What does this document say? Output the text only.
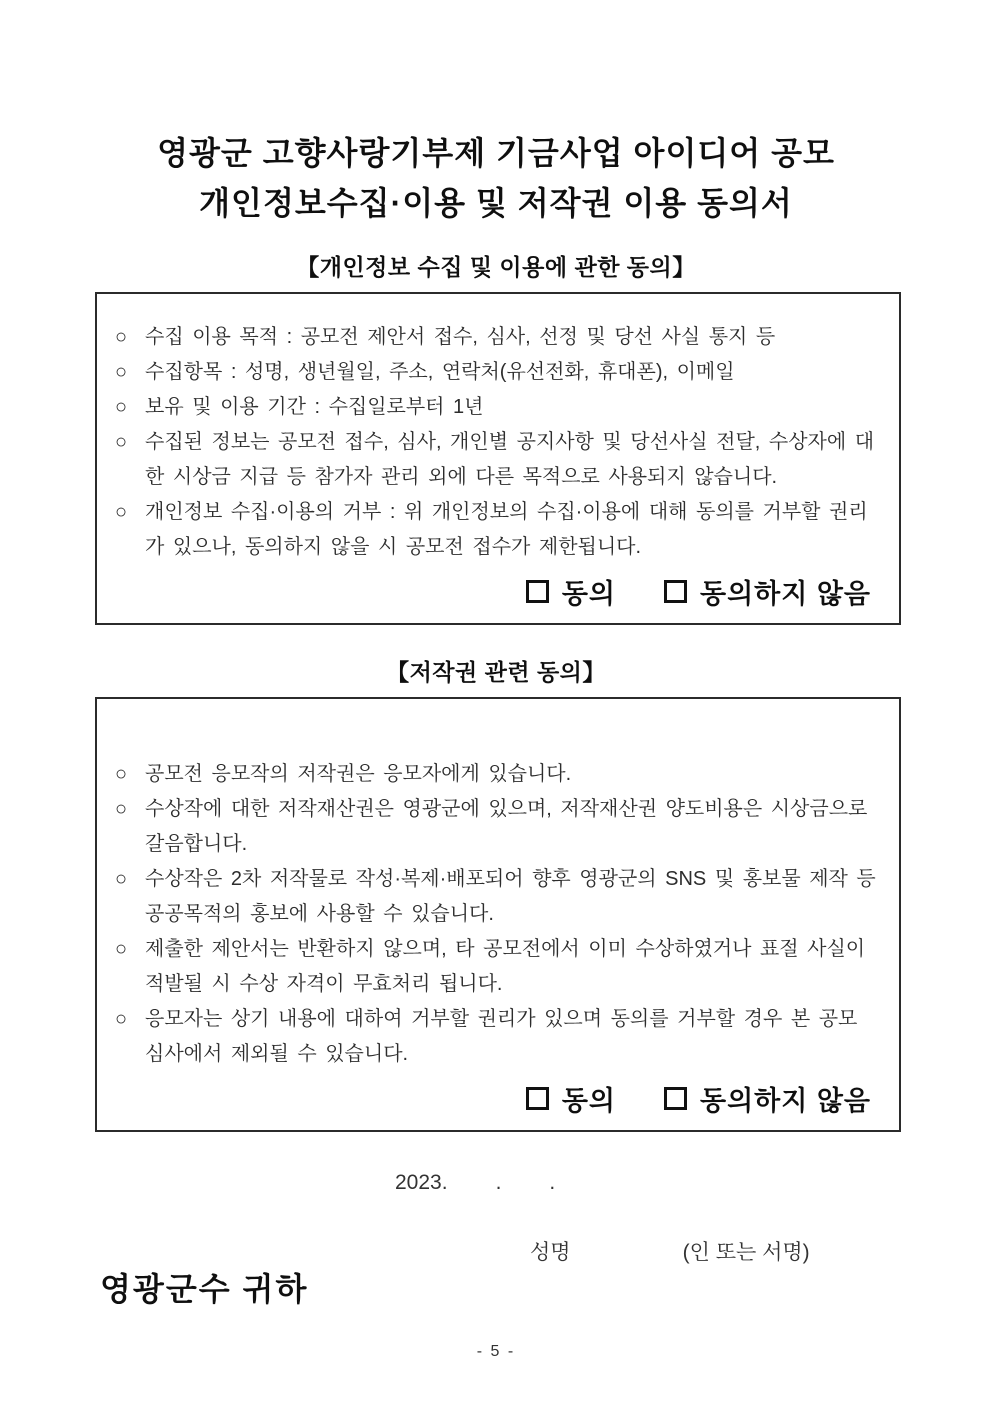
영광군 고향사랑기부제 기금사업 아이디어 공모
개인정보수집·이용 및 저작권 이용 동의서
【개인정보 수집 및 이용에 관한 동의】
○ 수집 이용 목적 : 공모전 제안서 접수, 심사, 선정 및 당선 사실 통지 등
○ 수집항목 : 성명, 생년월일, 주소, 연락처(유선전화, 휴대폰), 이메일
○ 보유 및 이용 기간 : 수집일로부터 1년
○ 수집된 정보는 공모전 접수, 심사, 개인별 공지사항 및 당선사실 전달, 수상자에 대한 시상금 지급 등 참가자 관리 외에 다른 목적으로 사용되지 않습니다.
○ 개인정보 수집·이용의 거부 : 위 개인정보의 수집·이용에 대해 동의를 거부할 권리가 있으나, 동의하지 않을 시 공모전 접수가 제한됩니다.
동의	동의하지 않음
【저작권 관련 동의】
○ 공모전 응모작의 저작권은 응모자에게 있습니다.
○ 수상작에 대한 저작재산권은 영광군에 있으며, 저작재산권 양도비용은 시상금으로 갈음합니다.
○ 수상작은 2차 저작물로 작성·복제·배포되어 향후 영광군의 SNS 및 홍보물 제작 등 공공목적의 홍보에 사용할 수 있습니다.
○ 제출한 제안서는 반환하지 않으며, 타 공모전에서 이미 수상하였거나 표절 사실이 적발될 시 수상 자격이 무효처리 됩니다.
○ 응모자는 상기 내용에 대하여 거부할 권리가 있으며 동의를 거부할 경우 본 공모 심사에서 제외될 수 있습니다.
동의	동의하지 않음
2023. . .
성명	(인 또는 서명)
영광군수 귀하
- 5 -
